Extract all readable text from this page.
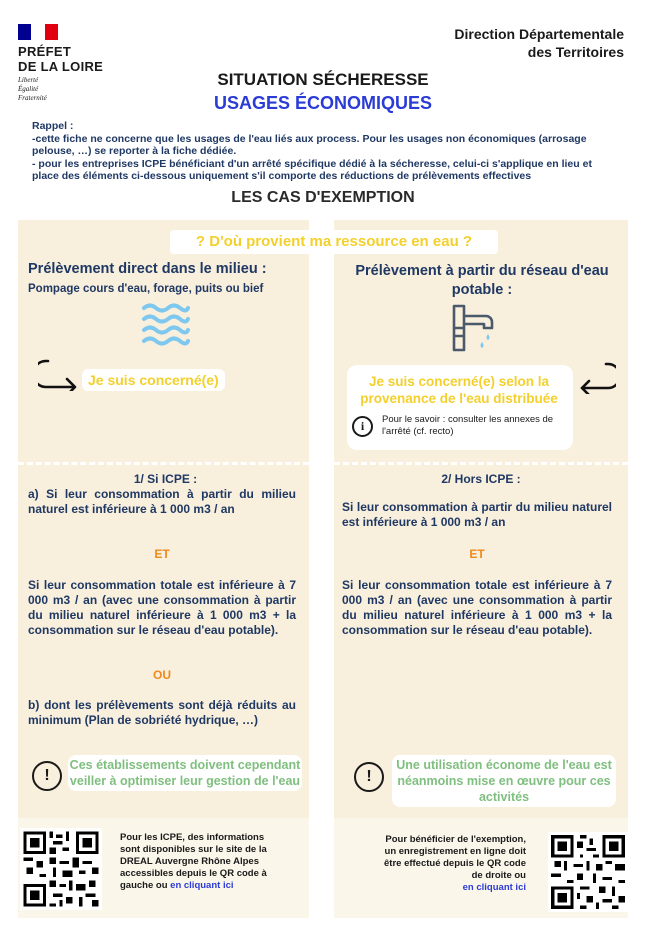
PRÉFET
DE LA LOIRE
Liberté
Égalité
Fraternité
Direction Départementale
des Territoires
SITUATION SÉCHERESSE
USAGES ÉCONOMIQUES
Rappel :
-cette fiche ne concerne que les usages de l'eau liés aux process. Pour les usages non économiques (arrosage pelouse, …) se reporter à la fiche dédiée.
- pour les entreprises ICPE bénéficiant d'un arrêté spécifique dédié à la sécheresse, celui-ci s'applique en lieu et place des éléments ci-dessous uniquement s'il comporte des réductions de prélèvements effectives
LES CAS D'EXEMPTION
? D'où provient ma ressource en eau ?
Prélèvement direct dans le milieu :
Pompage cours d'eau, forage, puits ou bief
Je suis concerné(e)
Prélèvement à partir du réseau d'eau potable :
Je suis concerné(e) selon la provenance de l'eau distribuée
i	Pour le savoir : consulter les annexes de l'arrêté (cf. recto)
1/ Si ICPE :
a) Si leur consommation à partir du milieu naturel est inférieure à 1 000 m3 / an
ET
Si leur consommation totale est inférieure à 7 000 m3 / an (avec une consommation à partir du milieu naturel inférieure à 1 000 m3 + la consommation sur le réseau d'eau potable).
OU
b) dont les prélèvements sont déjà réduits au minimum (Plan de sobriété hydrique, …)
!
Ces établissements doivent cependant veiller à optimiser leur gestion de l'eau
2/ Hors ICPE :
Si leur consommation à partir du milieu naturel est inférieure à 1 000 m3 / an
ET
Si leur consommation totale est inférieure à 7 000 m3 / an (avec une consommation à partir du milieu naturel inférieure à 1 000 m3 + la consommation sur le réseau d'eau potable).
!
Une utilisation économe de l'eau est néanmoins mise en œuvre pour ces activités
Pour les ICPE, des informations sont disponibles sur le site de la DREAL Auvergne Rhône Alpes accessibles depuis le QR code à gauche ou en cliquant ici
Pour bénéficier de l'exemption, un enregistrement en ligne doit être effectué depuis le QR code de droite ou
en cliquant ici
